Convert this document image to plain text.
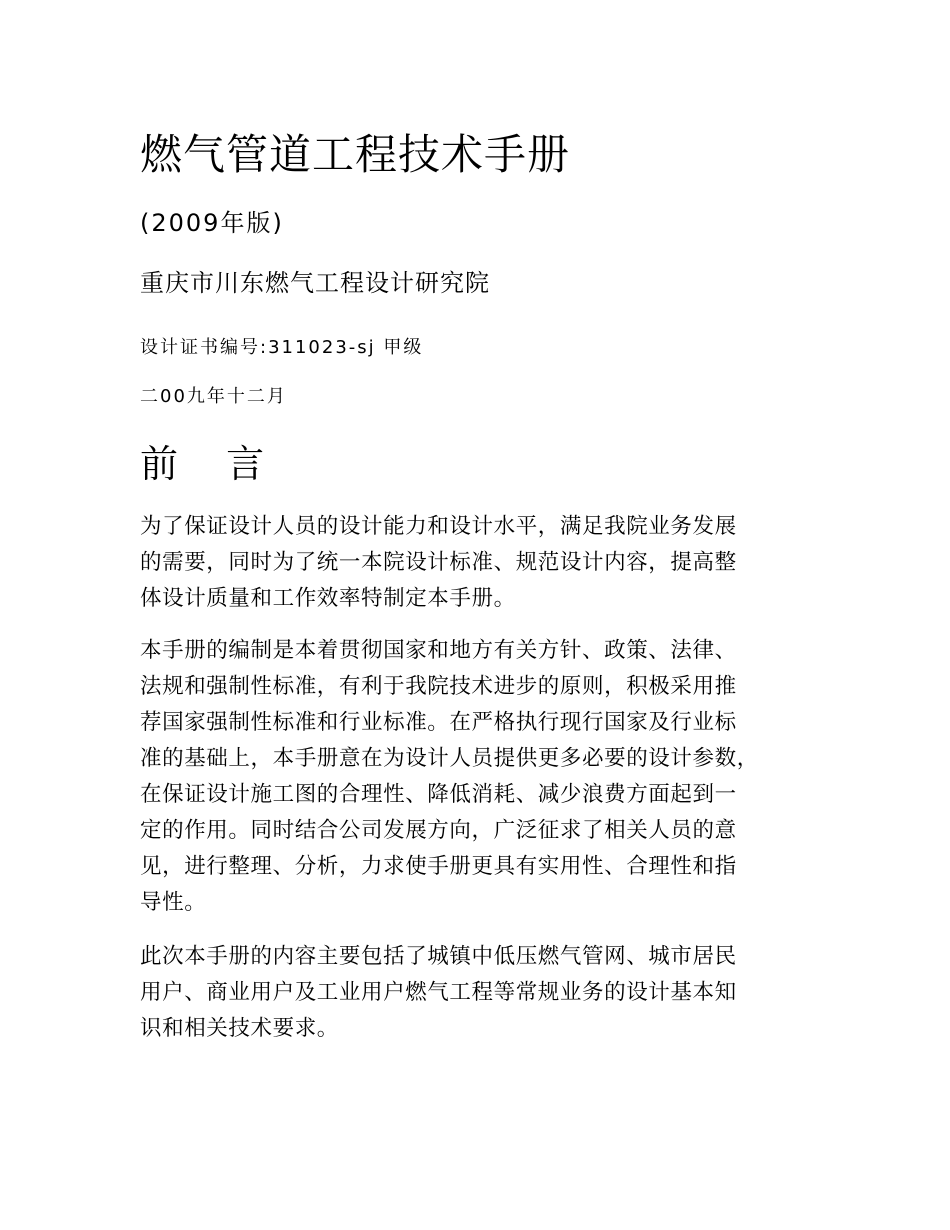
燃气管道工程技术手册
(2009年版)
重庆市川东燃气工程设计研究院
设计证书编号:311023-sj 甲级
二00九年十二月
前 言
为了保证设计人员的设计能力和设计水平，满足我院业务发展
的需要，同时为了统一本院设计标准、规范设计内容，提高整
体设计质量和工作效率特制定本手册。
本手册的编制是本着贯彻国家和地方有关方针、政策、法律、
法规和强制性标准，有利于我院技术进步的原则，积极采用推
荐国家强制性标准和行业标准。在严格执行现行国家及行业标
准的基础上，本手册意在为设计人员提供更多必要的设计参数，
在保证设计施工图的合理性、降低消耗、减少浪费方面起到一
定的作用。同时结合公司发展方向，广泛征求了相关人员的意
见，进行整理、分析，力求使手册更具有实用性、合理性和指
导性。
此次本手册的内容主要包括了城镇中低压燃气管网、城市居民
用户、商业用户及工业用户燃气工程等常规业务的设计基本知
识和相关技术要求。
